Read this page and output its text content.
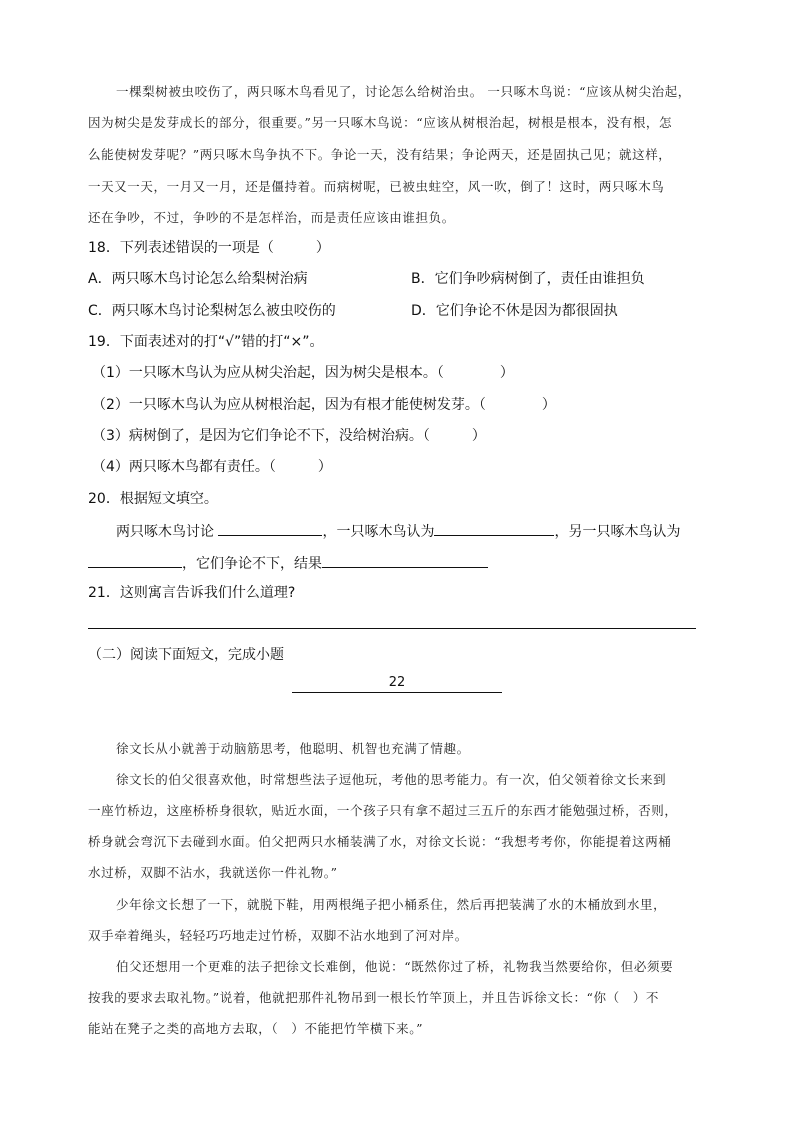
一棵梨树被虫咬伤了，两只啄木鸟看见了，讨论怎么给树治虫。 一只啄木鸟说：“应该从树尖治起，
因为树尖是发芽成长的部分，很重要。”另一只啄木鸟说：“应该从树根治起，树根是根本，没有根，怎
么能使树发芽呢？”两只啄木鸟争执不下。争论一天，没有结果；争论两天，还是固执己见；就这样，
一天又一天，一月又一月，还是僵持着。而病树呢，已被虫蛀空，风一吹，倒了！这时，两只啄木鸟
还在争吵，不过，争吵的不是怎样治，而是责任应该由谁担负。
18．下列表述错误的一项是（　　　）
A．两只啄木鸟讨论怎么给梨树治病	B．它们争吵病树倒了，责任由谁担负
C．两只啄木鸟讨论梨树怎么被虫咬伤的	D．它们争论不休是因为都很固执
19．下面表述对的打“√”错的打“×”。
（1）一只啄木鸟认为应从树尖治起，因为树尖是根本。（　　　　）
（2）一只啄木鸟认为应从树根治起，因为有根才能使树发芽。（　　　　）
（3）病树倒了，是因为它们争论不下，没给树治病。（　　　）
（4）两只啄木鸟都有责任。（　　　）
20．根据短文填空。
两只啄木鸟讨论	，一只啄木鸟认为	，另一只啄木鸟认为
，它们争论不下，结果
21．这则寓言告诉我们什么道理?
（二）阅读下面短文，完成小题
22
徐文长从小就善于动脑筋思考，他聪明、机智也充满了情趣。
徐文长的伯父很喜欢他，时常想些法子逗他玩，考他的思考能力。有一次，伯父领着徐文长来到
一座竹桥边，这座桥桥身很软，贴近水面，一个孩子只有拿不超过三五斤的东西才能勉强过桥，否则，
桥身就会弯沉下去碰到水面。伯父把两只水桶装满了水，对徐文长说：“我想考考你，你能提着这两桶
水过桥，双脚不沾水，我就送你一件礼物。”
少年徐文长想了一下，就脱下鞋，用两根绳子把小桶系住，然后再把装满了水的木桶放到水里，
双手牵着绳头，轻轻巧巧地走过竹桥，双脚不沾水地到了河对岸。
伯父还想用一个更难的法子把徐文长难倒，他说：“既然你过了桥，礼物我当然要给你，但必须要
按我的要求去取礼物。”说着，他就把那件礼物吊到一根长竹竿顶上，并且告诉徐文长：“你（　）不
能站在凳子之类的高地方去取，（　）不能把竹竿横下来。”
